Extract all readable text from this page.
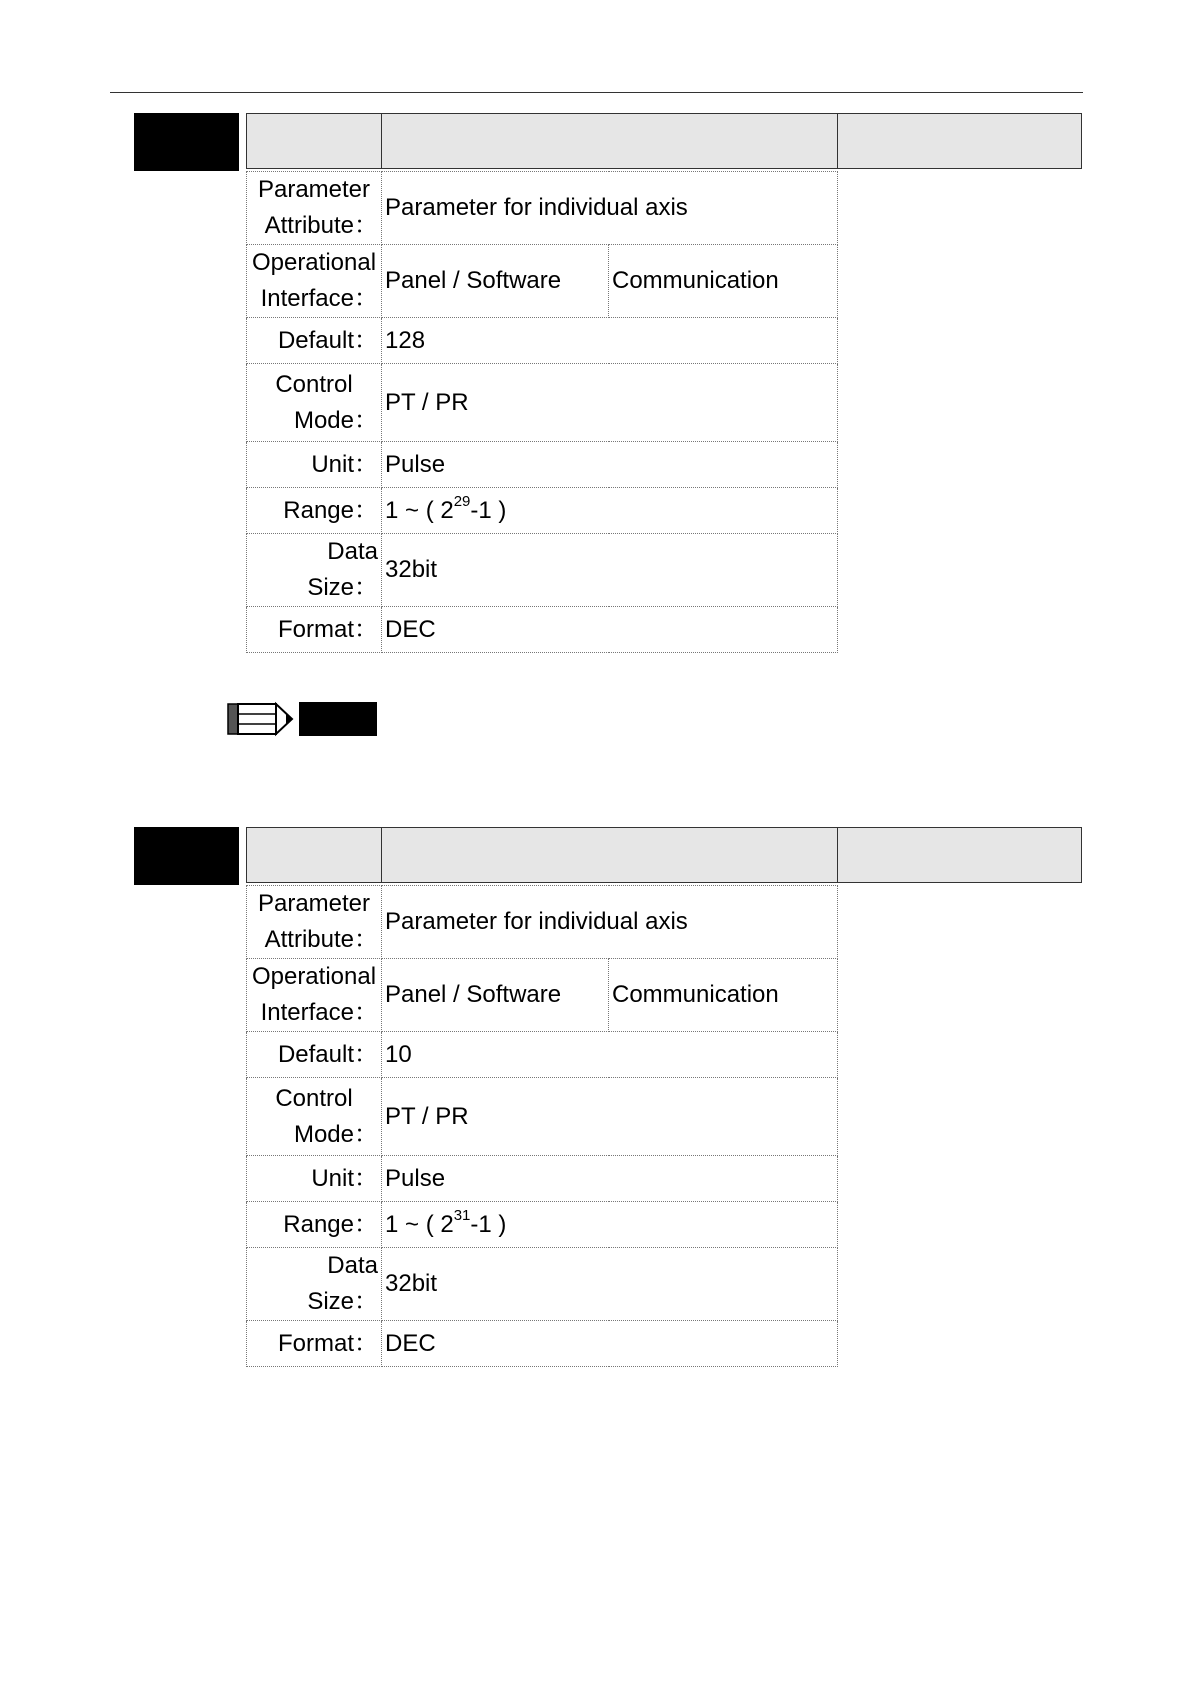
Parameter
Attribute：	Parameter for individual axis	

Operational
Interface：	Panel / Software	Communication
Default：	128	

Control
Mode：	PT / PR	
Unit：	Pulse	
Range：	1 ~ ( $2^{29}-1$ )	
Data Size：	32bit	
Format：	DEC	
Parameter
Attribute：	Parameter for individual axis	

Operational
Interface：	Panel / Software	Communication
Default：	10	

Control
Mode：	PT / PR	
Unit：	Pulse	
Range：	1 ~ ( $2^{31}-1$ )	
Data Size：	32bit	
Format：	DEC	
